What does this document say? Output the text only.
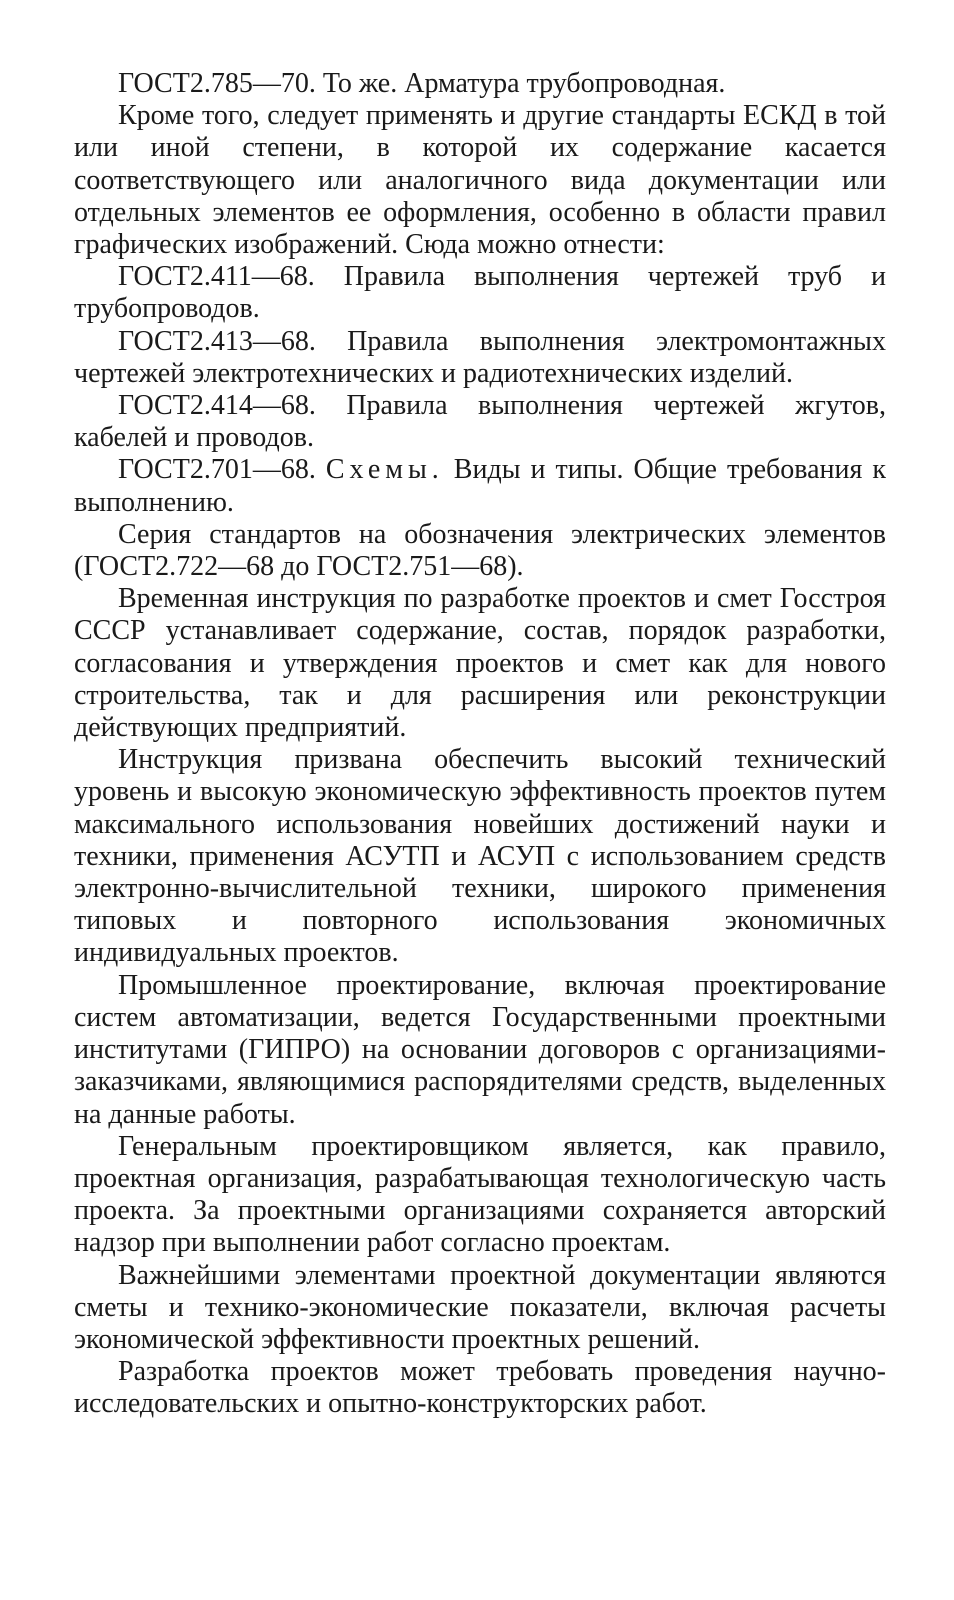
ГОСТ2.785—70. То же. Арматура трубопроводная.

Кроме того, следует применять и другие стандарты ЕСКД в той или иной степени, в которой их содержание касается соответствующего или аналогичного вида документации или отдельных элементов ее оформления, особенно в области правил графических изображений. Сюда можно отнести:

ГОСТ2.411—68. Правила выполнения чертежей труб и трубопроводов.

ГОСТ2.413—68. Правила выполнения электромонтажных чертежей электротехнических и радиотехнических изделий.

ГОСТ2.414—68. Правила выполнения чертежей жгутов, кабелей и проводов.

ГОСТ2.701—68. Схемы. Виды и типы. Общие требования к выполнению.

Серия стандартов на обозначения электрических элементов (ГОСТ2.722—68 до ГОСТ2.751—68).

Временная инструкция по разработке проектов и смет Госстроя СССР устанавливает содержание, состав, порядок разработки, согласования и утверждения проектов и смет как для нового строительства, так и для расширения или реконструкции действующих предприятий.

Инструкция призвана обеспечить высокий технический уровень и высокую экономическую эффективность проектов путем максимального использования новейших достижений науки и техники, применения АСУТП и АСУП с использованием средств электронно-вычислительной техники, широкого применения типовых и повторного использования экономичных индивидуальных проектов.

Промышленное проектирование, включая проектирование систем автоматизации, ведется Государственными проектными институтами (ГИПРО) на основании договоров с организациями-заказчиками, являющимися распорядителями средств, выделенных на данные работы.

Генеральным проектировщиком является, как правило, проектная организация, разрабатывающая технологическую часть проекта. За проектными организациями сохраняется авторский надзор при выполнении работ согласно проектам.

Важнейшими элементами проектной документации являются сметы и технико-экономические показатели, включая расчеты экономической эффективности проектных решений.

Разработка проектов может требовать проведения научно-исследовательских и опытно-конструкторских работ.
